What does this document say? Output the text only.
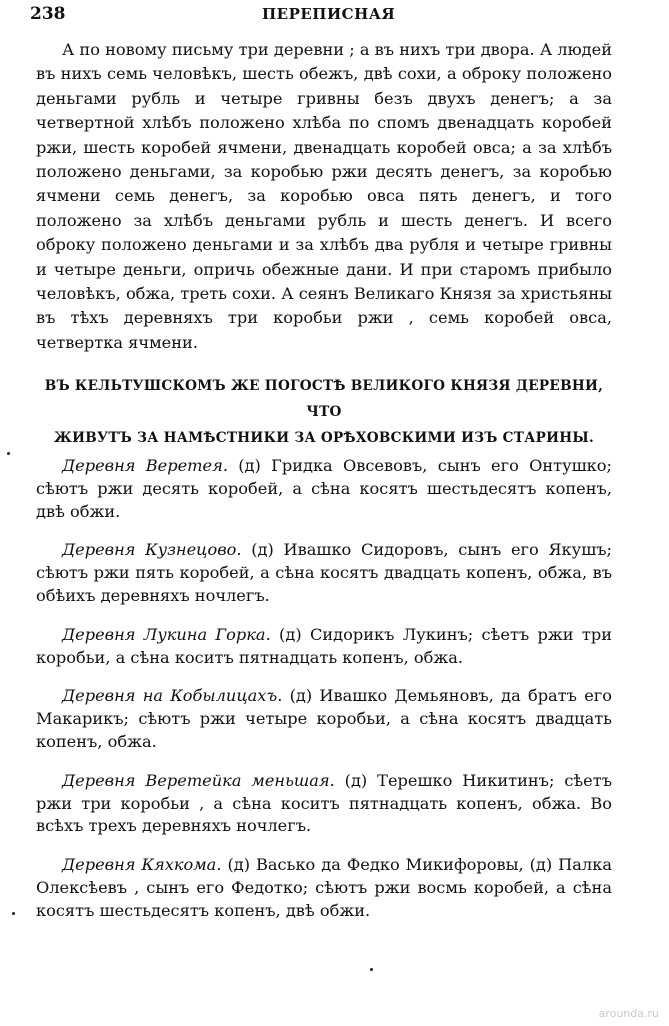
238	ПЕРЕПИСНАЯ

А по новому письму три деревни ; а въ нихъ три двора. А людей въ нихъ семь человѣкъ, шесть обежъ, двѣ сохи, а оброку положено деньгами рубль и четыре гривны безъ двухъ денегъ; а за четвертной хлѣбъ положено хлѣба по спомъ двенадцать коробей ржи, шесть коробей ячмени, двенадцать коробей овса; а за хлѣбъ положено деньгами, за коробью ржи десять денегъ, за коробью ячмени семь денегъ, за коробью овса пять денегъ, и того положено за хлѣбъ деньгами рубль и шесть денегъ. И всего оброку положено деньгами и за хлѣбъ два рубля и четыре гривны и четыре деньги, опричь обежные дани. И при старомъ прибыло человѣкъ, обжа, треть сохи. А сеянъ Великаго Князя за христьяны въ тѣхъ деревняхъ три коробьи ржи , семь коробей овса, четвертка ячмени.

ВЪ КЕЛЬТУШСКОМЪ ЖЕ ПОГОСТѢ ВЕЛИКОГО КНЯЗЯ ДЕРЕВНИ, ЧТО
ЖИВУТЪ ЗА НАМѢСТНИКИ ЗА ОРѢХОВСКИМИ ИЗЪ СТАРИНЫ.

Деревня Веретея. (д) Гридка Овсевовъ, сынъ его Онтушко; сѣютъ ржи десять коробей, а сѣна косятъ шестьдесятъ копенъ, двѣ обжи.

Деревня Кузнецово. (д) Ивашко Сидоровъ, сынъ его Якушъ; сѣютъ ржи пять коробей, а сѣна косятъ двадцать копенъ, обжа, въ обѣихъ деревняхъ ночлегъ.

Деревня Лукина Горка. (д) Сидорикъ Лукинъ; сѣетъ ржи три коробьи, а сѣна коситъ пятнадцать копенъ, обжа.

Деревня на Кобылицахъ. (д) Ивашко Демьяновъ, да братъ его Макарикъ; сѣютъ ржи четыре коробьи, а сѣна косятъ двадцать копенъ, обжа.

Деревня Веретейка меньшая. (д) Терешко Никитинъ; сѣетъ ржи три коробьи , а сѣна коситъ пятнадцать копенъ, обжа. Во всѣхъ трехъ деревняхъ ночлегъ.

Деревня Кяхкома. (д) Васько да Федко Микифоровы, (д) Палка Олексѣевъ , сынъ его Федотко; сѣютъ ржи восмь коробей, а сѣна косятъ шестьдесятъ копенъ, двѣ обжи.

arounda.ru
